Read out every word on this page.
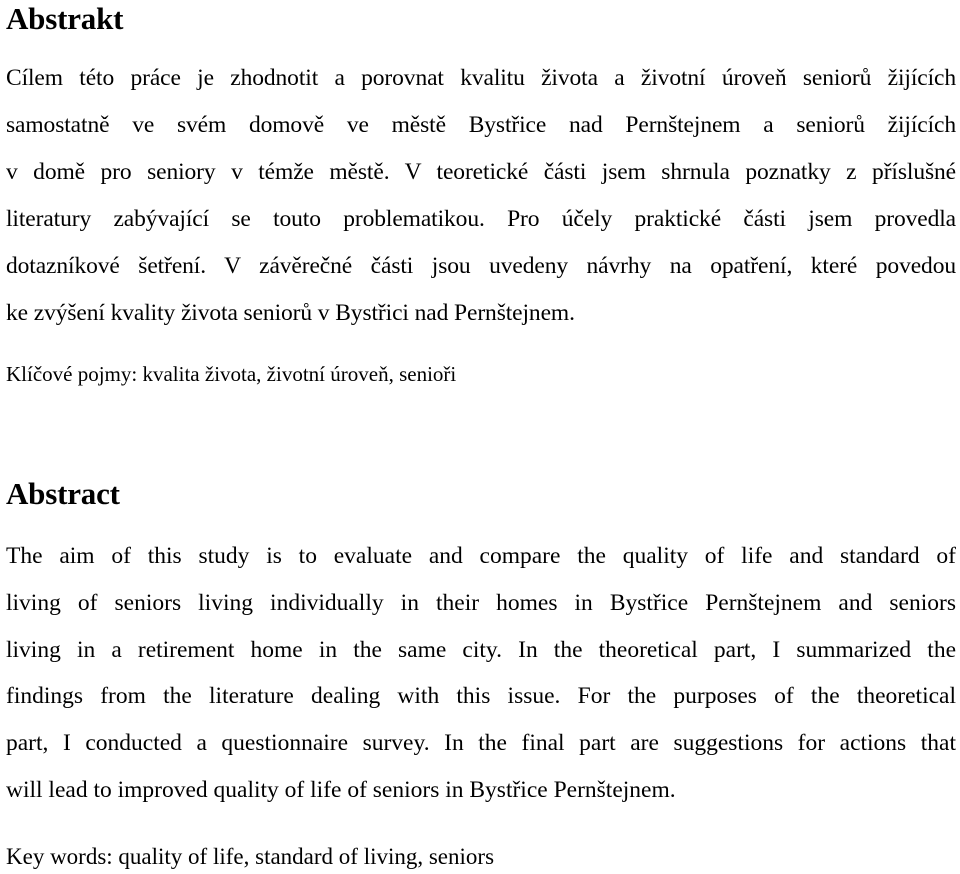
Abstrakt

Cílem této práce je zhodnotit a porovnat kvalitu života a životní úroveň seniorů žijících
samostatně ve svém domově ve městě Bystřice nad Pernštejnem a seniorů žijících
v domě pro seniory v témže městě. V teoretické části jsem shrnula poznatky z příslušné
literatury zabývající se touto problematikou. Pro účely praktické části jsem provedla
dotazníkové šetření. V závěrečné části jsou uvedeny návrhy na opatření, které povedou
ke zvýšení kvality života seniorů v Bystřici nad Pernštejnem.

Klíčové pojmy: kvalita života, životní úroveň, senioři

Abstract

The aim of this study is to evaluate and compare the quality of life and standard of
living of seniors living individually in their homes in Bystřice Pernštejnem and seniors
living in a retirement home in the same city. In the theoretical part, I summarized the
findings from the literature dealing with this issue. For the purposes of the theoretical
part, I conducted a questionnaire survey. In the final part are suggestions for actions that
will lead to improved quality of life of seniors in Bystřice Pernštejnem.

Key words: quality of life, standard of living, seniors
